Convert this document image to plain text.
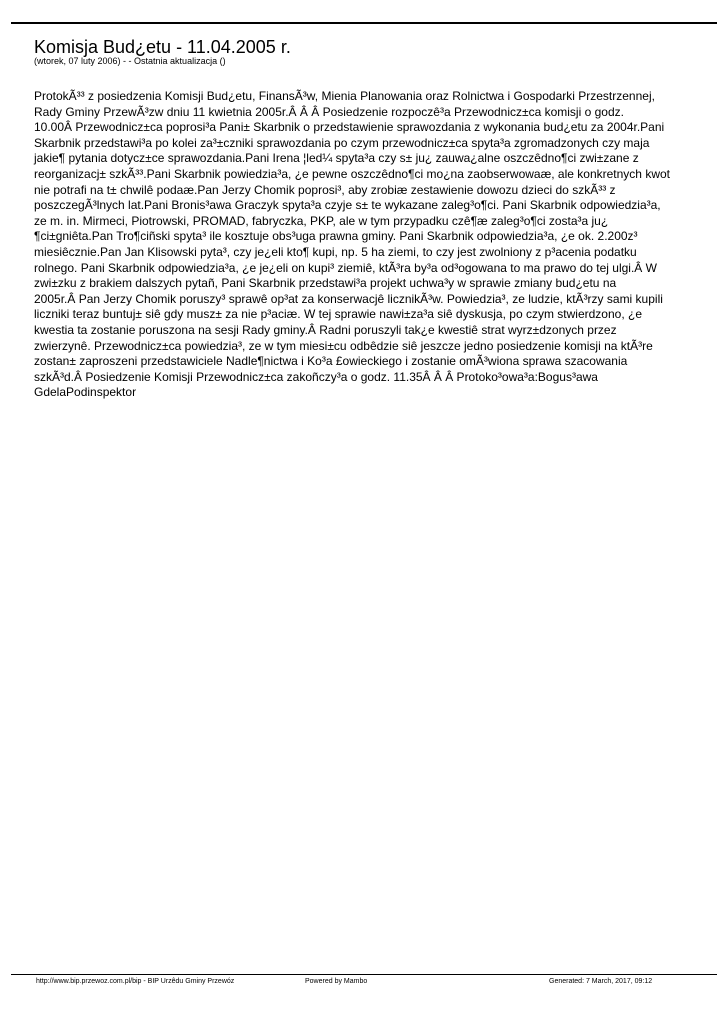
Komisja Bud¿etu - 11.04.2005 r.
(wtorek, 07 luty 2006) - - Ostatnia aktualizacja ()
ProtokÃ³³ z posiedzenia Komisji Bud¿etu, FinansÃ³w, Mienia Planowania oraz Rolnictwa i Gospodarki Przestrzennej,
Rady Gminy PrzewÃ³zw dniu 11 kwietnia 2005r.Â Â Â Posiedzenie rozpoczê³a Przewodnicz±ca komisji o godz.
10.00Â Przewodnicz±ca poprosi³a Pani± Skarbnik o przedstawienie sprawozdania z wykonania bud¿etu za 2004r.Pani
Skarbnik przedstawi³a po kolei za³±czniki sprawozdania po czym przewodnicz±ca spyta³a zgromadzonych czy maja
jakie¶ pytania dotycz±ce sprawozdania.Pani Irena ¦led¼ spyta³a czy s± ju¿ zauwa¿alne oszczêdno¶ci zwi±zane z
reorganizacj± szkÃ³³.Pani Skarbnik powiedzia³a, ¿e pewne oszczêdno¶ci mo¿na zaobserwowaæ, ale konkretnych kwot
nie potrafi na t± chwilê podaæ.Pan Jerzy Chomik poprosi³, aby zrobiæ zestawienie dowozu dzieci do szkÃ³³ z
poszczegÃ³lnych lat.Pani Bronis³awa Graczyk spyta³a czyje s± te wykazane zaleg³o¶ci. Pani Skarbnik odpowiedzia³a,
ze m. in. Mirmeci, Piotrowski, PROMAD, fabryczka, PKP, ale w tym przypadku czê¶æ zaleg³o¶ci zosta³a ju¿
¶ci±gniêta.Pan Tro¶ciñski spyta³ ile kosztuje obs³uga prawna gminy. Pani Skarbnik odpowiedzia³a, ¿e ok. 2.200z³
miesiêcznie.Pan Jan Klisowski pyta³, czy je¿eli kto¶ kupi, np. 5 ha ziemi, to czy jest zwolniony z p³acenia podatku
rolnego. Pani Skarbnik odpowiedzia³a, ¿e je¿eli on kupi³ ziemiê, ktÃ³ra by³a od³ogowana to ma prawo do tej ulgi.Â W
zwi±zku z brakiem dalszych pytañ, Pani Skarbnik przedstawi³a projekt uchwa³y w sprawie zmiany bud¿etu na
2005r.Â Pan Jerzy Chomik poruszy³ sprawê op³at za konserwacjê licznikÃ³w. Powiedzia³, ze ludzie, ktÃ³rzy sami kupili
liczniki teraz buntuj± siê gdy musz± za nie p³aciæ. W tej sprawie nawi±za³a siê dyskusja, po czym stwierdzono, ¿e
kwestia ta zostanie poruszona na sesji Rady gminy.Â Radni poruszyli tak¿e kwestiê strat wyrz±dzonych przez
zwierzynê. Przewodnicz±ca powiedzia³, ze w tym miesi±cu odbêdzie siê jeszcze jedno posiedzenie komisji na ktÃ³re
zostan± zaproszeni przedstawiciele Nadle¶nictwa i Ko³a £owieckiego i zostanie omÃ³wiona sprawa szacowania
szkÃ³d.Â Posiedzenie Komisji Przewodnicz±ca zakoñczy³a o godz. 11.35Â Â Â Protoko³owa³a:Bogus³awa
GdelaPodinspektor
http://www.bip.przewoz.com.pl/bip - BIP Urzêdu Gminy Przewóz	Powered by Mambo	Generated: 7 March, 2017, 09:12
